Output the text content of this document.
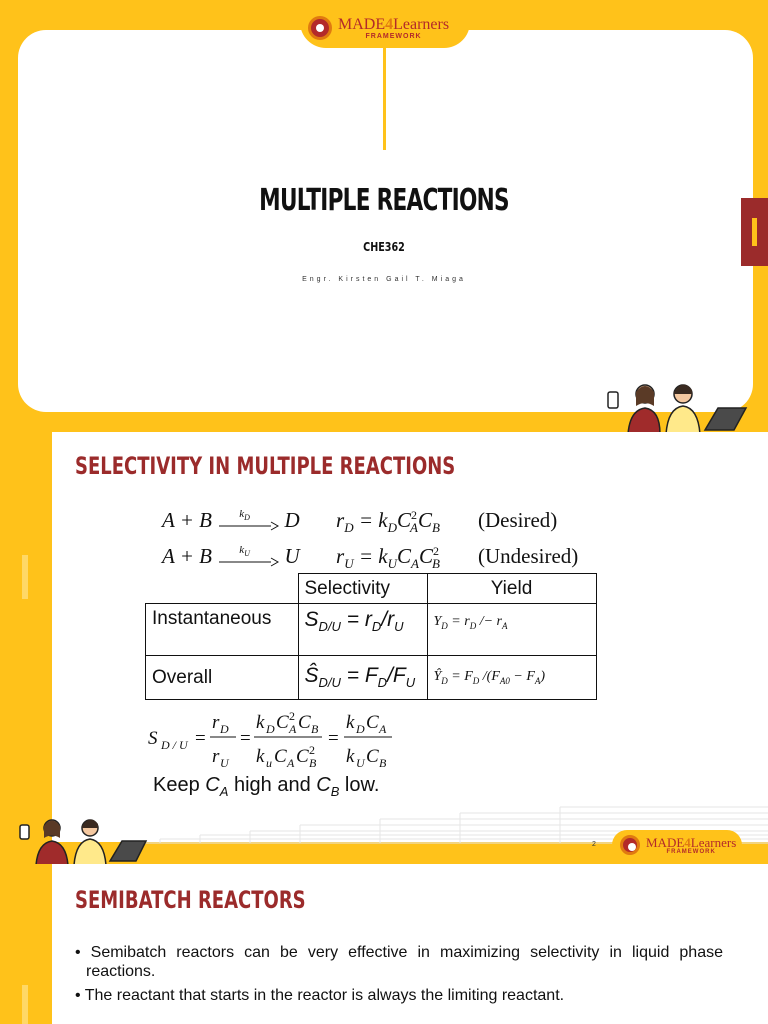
MADE4Learners
FRAMEWORK
MULTIPLE REACTIONS
CHE362
Engr. Kirsten Gail T. Miaga
SELECTIVITY IN MULTIPLE REACTIONS
A + B $k_D$ D $r_D = k_DC^2_AC_B$ (Desired)
A + B $k_U$ U $r_U = k_UC_AC^2_B$ (Undesired)
	Selectivity	Yield
Instantaneous	$S_{D/U} = r_D/r_U$	$Y_D = r_D /- r_A$
Overall	$Ŝ_{D/U} = F_D/F_U$	$Ŷ_D = F_D$ $/(F_{A0} - F_A)$
S D / U =
r D
r U
=
k D C 2
A C B
k u C A C 2
B
=
k D C A
k U C B
Keep $C_A$ high and $C_B$ low.
2	MADE4Learners
FRAMEWORK
SEMIBATCH REACTORS

• Semibatch reactors can be very effective in maximizing selectivity in liquid phase reactions.

• The reactant that starts in the reactor is always the limiting reactant.
